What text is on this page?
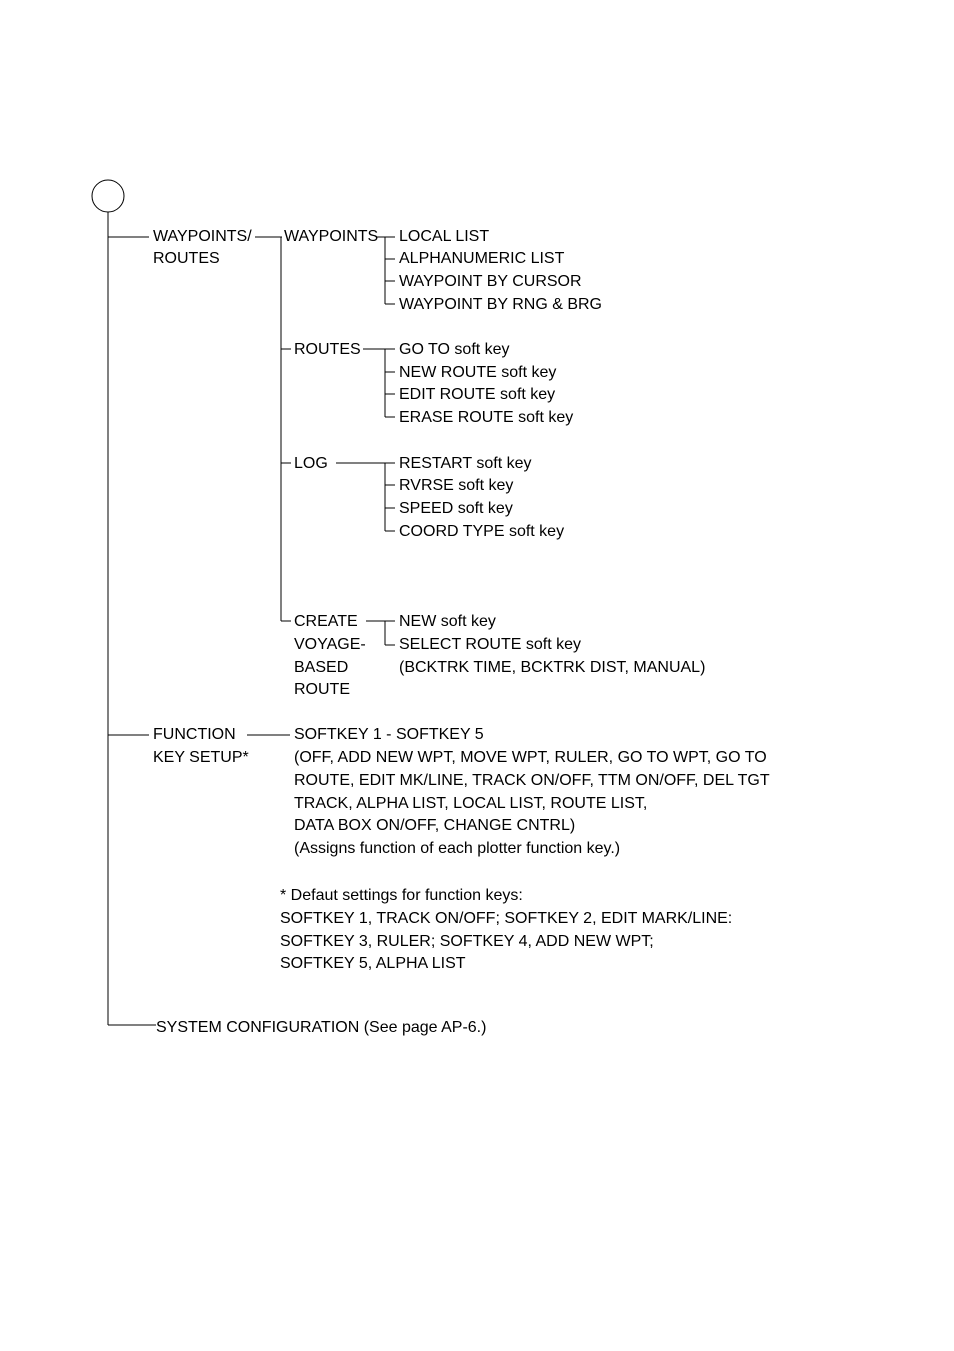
WAYPOINTS/
ROUTES
FUNCTION
KEY SETUP*
SYSTEM CONFIGURATION (See page AP-6.)
WAYPOINTS
ROUTES
LOG
CREATE
VOYAGE-
BASED
ROUTE
LOCAL LIST
ALPHANUMERIC LIST
WAYPOINT BY CURSOR
WAYPOINT BY RNG & BRG
GO TO soft key
NEW ROUTE soft key
EDIT ROUTE soft key
ERASE ROUTE soft key
RESTART soft key
RVRSE soft key
SPEED soft key
COORD TYPE soft key
NEW soft key
SELECT ROUTE soft key
(BCKTRK TIME, BCKTRK DIST, MANUAL)
SOFTKEY 1 - SOFTKEY 5
(OFF, ADD NEW WPT, MOVE WPT, RULER, GO TO WPT, GO TO
ROUTE, EDIT MK/LINE, TRACK ON/OFF, TTM ON/OFF, DEL TGT
TRACK, ALPHA LIST, LOCAL LIST, ROUTE LIST,
DATA BOX ON/OFF, CHANGE CNTRL)
(Assigns function of each plotter function key.)
* Defaut settings for function keys:
SOFTKEY 1, TRACK ON/OFF; SOFTKEY 2, EDIT MARK/LINE:
SOFTKEY 3, RULER; SOFTKEY 4, ADD NEW WPT;
SOFTKEY 5, ALPHA LIST
